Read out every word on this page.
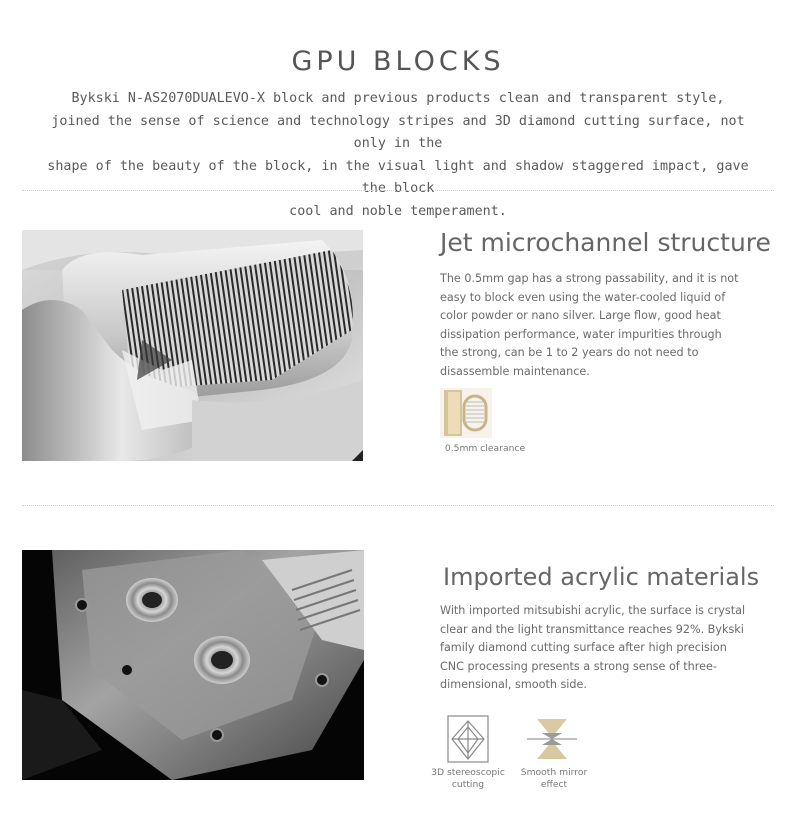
GPU BLOCKS

Bykski N-AS2070DUALEVO-X block and previous products clean and transparent style,

joined the sense of science and technology stripes and 3D diamond cutting surface, not only in the

shape of the beauty of the block, in the visual light and shadow staggered impact, gave the block

cool and noble temperament.

Jet microchannel structure

The 0.5mm gap has a strong passability, and it is not

easy to block even using the water-cooled liquid of

color powder or nano silver. Large flow, good heat

dissipation performance, water impurities through

the strong, can be 1 to 2 years do not need to

disassemble maintenance.

0.5mm clearance

Imported acrylic materials

With imported mitsubishi acrylic, the surface is crystal

clear and the light transmittance reaches 92%. Bykski

family diamond cutting surface after high precision

CNC processing presents a strong sense of three-

dimensional, smooth side.

3D stereoscopic

cutting

Smooth mirror

effect
